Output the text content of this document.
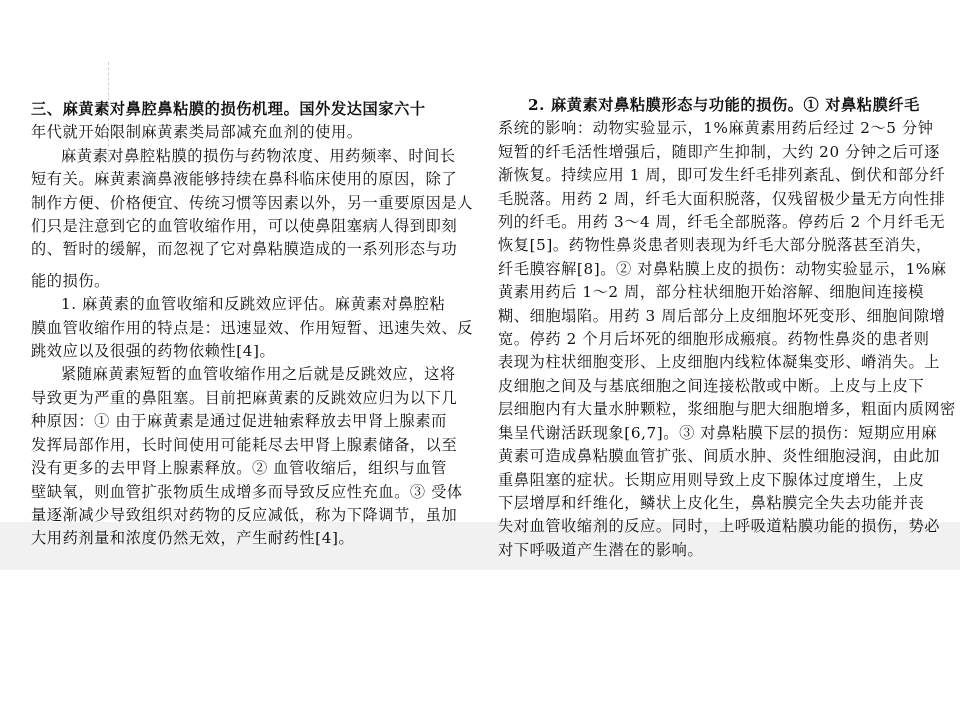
三、麻黄素对鼻腔鼻粘膜的损伤机理。国外发达国家六十

年代就开始限制麻黄素类局部减充血剂的使用。

麻黄素对鼻腔粘膜的损伤与药物浓度、用药频率、时间长

短有关。麻黄素滴鼻液能够持续在鼻科临床使用的原因，除了

制作方便、价格便宜、传统习惯等因素以外，另一重要原因是人

们只是注意到它的血管收缩作用，可以使鼻阻塞病人得到即刻

的、暂时的缓解，而忽视了它对鼻粘膜造成的一系列形态与功

能的损伤。

1. 麻黄素的血管收缩和反跳效应评估。麻黄素对鼻腔粘

膜血管收缩作用的特点是：迅速显效、作用短暂、迅速失效、反

跳效应以及很强的药物依赖性[4]。

紧随麻黄素短暂的血管收缩作用之后就是反跳效应，这将

导致更为严重的鼻阻塞。目前把麻黄素的反跳效应归为以下几

种原因：① 由于麻黄素是通过促进轴索释放去甲肾上腺素而

发挥局部作用，长时间使用可能耗尽去甲肾上腺素储备，以至

没有更多的去甲肾上腺素释放。② 血管收缩后，组织与血管

壁缺氧，则血管扩张物质生成增多而导致反应性充血。③ 受体

量逐渐减少导致组织对药物的反应减低，称为下降调节，虽加

大用药剂量和浓度仍然无效，产生耐药性[4]。

2. 麻黄素对鼻粘膜形态与功能的损伤。① 对鼻粘膜纤毛

系统的影响：动物实验显示，1%麻黄素用药后经过 2～5 分钟

短暂的纤毛活性增强后，随即产生抑制，大约 20 分钟之后可逐

渐恢复。持续应用 1 周，即可发生纤毛排列紊乱、倒伏和部分纤

毛脱落。用药 2 周，纤毛大面积脱落，仅残留极少量无方向性排

列的纤毛。用药 3～4 周，纤毛全部脱落。停药后 2 个月纤毛无

恢复[5]。药物性鼻炎患者则表现为纤毛大部分脱落甚至消失，

纤毛膜容解[8]。② 对鼻粘膜上皮的损伤：动物实验显示，1%麻

黄素用药后 1～2 周，部分柱状细胞开始溶解、细胞间连接模

糊、细胞塌陷。用药 3 周后部分上皮细胞坏死变形、细胞间隙增

宽。停药 2 个月后坏死的细胞形成瘢痕。药物性鼻炎的患者则

表现为柱状细胞变形、上皮细胞内线粒体凝集变形、嵴消失。上

皮细胞之间及与基底细胞之间连接松散或中断。上皮与上皮下

层细胞内有大量水肿颗粒，浆细胞与肥大细胞增多，粗面内质网密

集呈代谢活跃现象[6,7]。③ 对鼻粘膜下层的损伤：短期应用麻

黄素可造成鼻粘膜血管扩张、间质水肿、炎性细胞浸润，由此加

重鼻阻塞的症状。长期应用则导致上皮下腺体过度增生，上皮

下层增厚和纤维化，鳞状上皮化生，鼻粘膜完全失去功能并丧

失对血管收缩剂的反应。同时，上呼吸道粘膜功能的损伤，势必

对下呼吸道产生潜在的影响。
